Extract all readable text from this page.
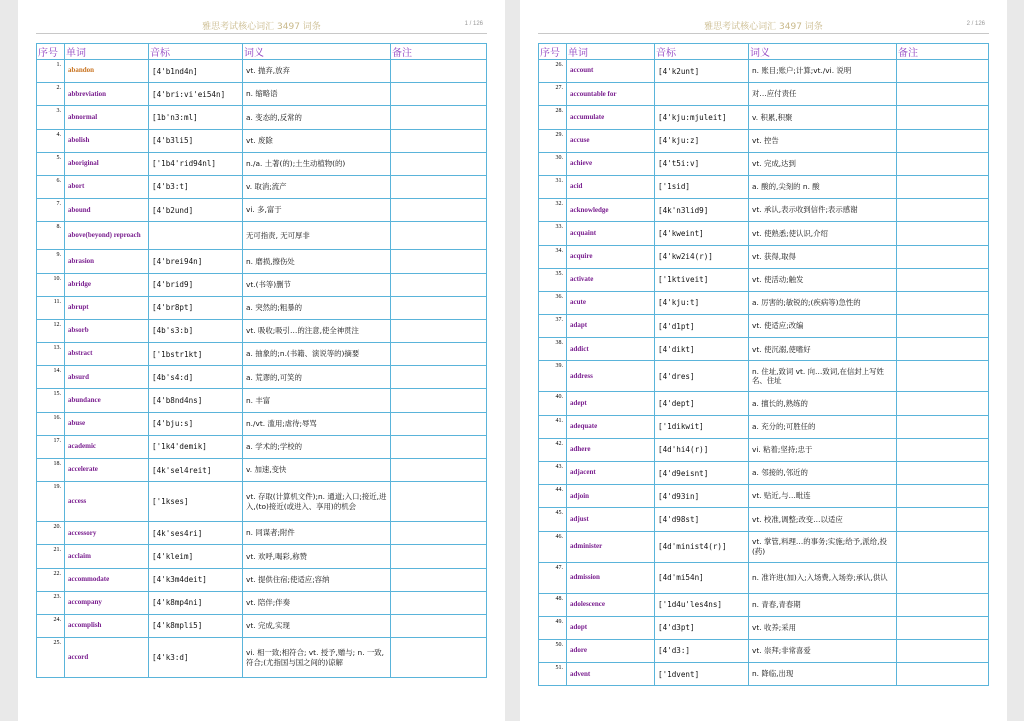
雅思考试核心词汇 3497 词条	1 / 126
序号	单词	音标	词义	备注
1.	abandon	[4'b1nd4n]	vt. 抛弃,放弃	
2.	abbreviation	[4'bri:vi'ei54n]	n. 缩略语	
3.	abnormal	[1b'n3:ml]	a. 变态的,反常的	
4.	abolish	[4'b3li5]	vt. 废除	
5.	aboriginal	['1b4'rid94nl]	n./a. 土著(的);土生动植物(的)	
6.	abort	[4'b3:t]	v. 取消;流产	
7.	abound	[4'b2und]	vi. 多,富于	
8.	above(beyond) reproach		无可指责, 无可厚非	
9.	abrasion	[4'brei94n]	n. 磨损,擦伤处	
10.	abridge	[4'brid9]	vt.(书等)删节	
11.	abrupt	[4'br8pt]	a. 突然的;粗暴的	
12.	absorb	[4b's3:b]	vt. 吸收;吸引…的注意,使全神贯注	
13.	abstract	['1bstr1kt]	a. 抽象的;n.(书籍、演说等的)摘要	
14.	absurd	[4b's4:d]	a. 荒谬的,可笑的	
15.	abundance	[4'b8nd4ns]	n. 丰富	
16.	abuse	[4'bju:s]	n./vt. 滥用;虐待;辱骂	
17.	academic	['1k4'demik]	a. 学术的;学校的	
18.	accelerate	[4k'sel4reit]	v. 加速,变快	
19.	access	['1kses]	vt. 存取(计算机文件);n. 通道;入口;接近,进入,(to)接近(或进入、享用)的机会	
20.	accessory	[4k'ses4ri]	n. 同谋者;附件	
21.	acclaim	[4'kleim]	vt. 欢呼,喝彩,称赞	
22.	accommodate	[4'k3m4deit]	vt. 提供住宿;使适应;容纳	
23.	accompany	[4'k8mp4ni]	vt. 陪伴;伴奏	
24.	accomplish	[4'k8mpli5]	vt. 完成,实现	
25.	accord	[4'k3:d]	vi. 相一致;相符合; vt. 授予,赠与; n. 一致,符合;(尤指国与国之间的)谅解	
雅思考试核心词汇 3497 词条	2 / 126
序号	单词	音标	词义	备注
26.	account	[4'k2unt]	n. 账目;账户;计算;vt./vi. 说明	
27.	accountable for		对…应付责任	
28.	accumulate	[4'kju:mjuleit]	v. 积累,积聚	
29.	accuse	[4'kju:z]	vt. 控告	
30.	achieve	[4't5i:v]	vt. 完成,达到	
31.	acid	['1sid]	a. 酸的,尖刻的 n. 酸	
32.	acknowledge	[4k'n3lid9]	vt. 承认,表示收到信件;表示感谢	
33.	acquaint	[4'kweint]	vt. 使熟悉;使认识,介绍	
34.	acquire	[4'kw2i4(r)]	vt. 获得,取得	
35.	activate	['1ktiveit]	vt. 使活动;触发	
36.	acute	[4'kju:t]	a. 厉害的;敏锐的;(疾病等)急性的	
37.	adapt	[4'd1pt]	vt. 使适应;改编	
38.	addict	[4'dikt]	vt. 使沉溺,使嗜好	
39.	address	[4'dres]	n. 住址,致词 vt. 向…致词,在信封上写姓名、住址	
40.	adept	[4'dept]	a. 擅长的,熟练的	
41.	adequate	['1dikwit]	a. 充分的;可胜任的	
42.	adhere	[4d'hi4(r)]	vi. 粘着;坚持;忠于	
43.	adjacent	[4'd9eisnt]	a. 邻接的,邻近的	
44.	adjoin	[4'd93in]	vt. 贴近,与…毗连	
45.	adjust	[4'd98st]	vt. 校准,调整;改变…以适应	
46.	administer	[4d'minist4(r)]	vt. 掌管,料理…的事务;实施;给予,派给,投(药)	
47.	admission	[4d'mi54n]	n. 准许进(加)入;入场费,入场券;承认,供认	
48.	adolescence	['1d4u'les4ns]	n. 青春,青春期	
49.	adopt	[4'd3pt]	vt. 收养;采用	
50.	adore	[4'd3:]	vt. 崇拜;非常喜爱	
51.	advent	['1dvent]	n. 降临,出现	
